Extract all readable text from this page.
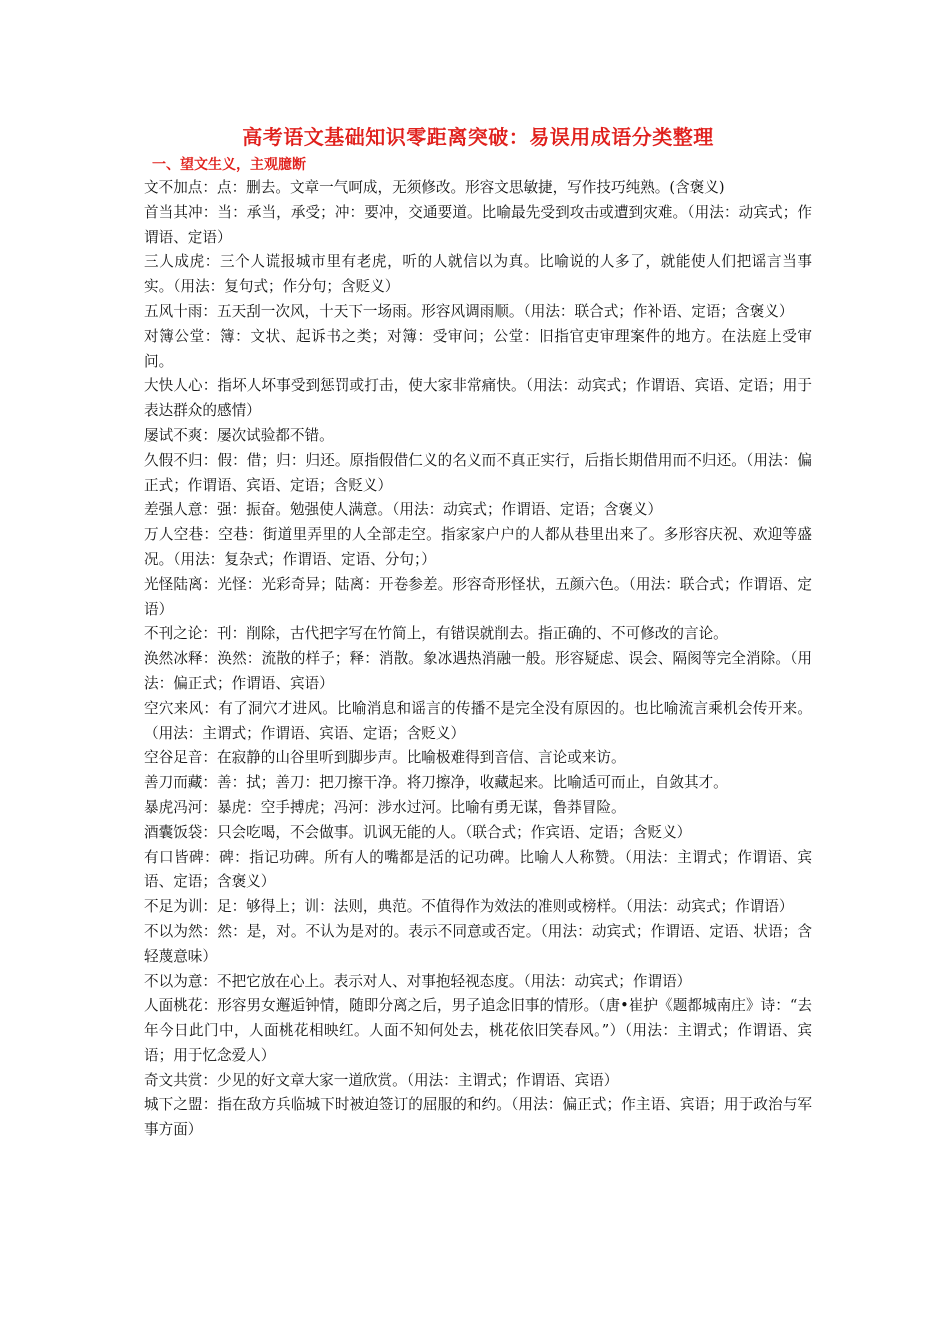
高考语文基础知识零距离突破：易误用成语分类整理
一、望文生义，主观臆断
文不加点：点：删去。文章一气呵成，无须修改。形容文思敏捷，写作技巧纯熟。(含褒义)
首当其冲：当：承当，承受；冲：要冲，交通要道。比喻最先受到攻击或遭到灾难。（用法：动宾式；作谓语、定语）
三人成虎：三个人谎报城市里有老虎，听的人就信以为真。比喻说的人多了，就能使人们把谣言当事实。（用法：复句式；作分句；含贬义）
五风十雨：五天刮一次风，十天下一场雨。形容风调雨顺。（用法：联合式；作补语、定语；含褒义）
对簿公堂：簿：文状、起诉书之类；对簿：受审问；公堂：旧指官吏审理案件的地方。在法庭上受审问。
大快人心：指坏人坏事受到惩罚或打击，使大家非常痛快。（用法：动宾式；作谓语、宾语、定语；用于表达群众的感情）
屡试不爽：屡次试验都不错。
久假不归：假：借；归：归还。原指假借仁义的名义而不真正实行，后指长期借用而不归还。（用法：偏正式；作谓语、宾语、定语；含贬义）
差强人意：强：振奋。勉强使人满意。（用法：动宾式；作谓语、定语；含褒义）
万人空巷：空巷：街道里弄里的人全部走空。指家家户户的人都从巷里出来了。多形容庆祝、欢迎等盛况。（用法：复杂式；作谓语、定语、分句；）
光怪陆离：光怪：光彩奇异；陆离：开卷参差。形容奇形怪状，五颜六色。（用法：联合式；作谓语、定语）
不刊之论：刊：削除，古代把字写在竹简上，有错误就削去。指正确的、不可修改的言论。
涣然冰释：涣然：流散的样子；释：消散。象冰遇热消融一般。形容疑虑、误会、隔阂等完全消除。（用法：偏正式；作谓语、宾语）
空穴来风：有了洞穴才进风。比喻消息和谣言的传播不是完全没有原因的。也比喻流言乘机会传开来。（用法：主谓式；作谓语、宾语、定语；含贬义）
空谷足音：在寂静的山谷里听到脚步声。比喻极难得到音信、言论或来访。
善刀而藏：善：拭；善刀：把刀擦干净。将刀擦净，收藏起来。比喻适可而止，自敛其才。
暴虎冯河：暴虎：空手搏虎；冯河：涉水过河。比喻有勇无谋，鲁莽冒险。
酒囊饭袋：只会吃喝，不会做事。讥讽无能的人。（联合式；作宾语、定语；含贬义）
有口皆碑：碑：指记功碑。所有人的嘴都是活的记功碑。比喻人人称赞。（用法：主谓式；作谓语、宾语、定语；含褒义）
不足为训：足：够得上；训：法则，典范。不值得作为效法的准则或榜样。（用法：动宾式；作谓语）
不以为然：然：是，对。不认为是对的。表示不同意或否定。（用法：动宾式；作谓语、定语、状语；含轻蔑意味）
不以为意：不把它放在心上。表示对人、对事抱轻视态度。（用法：动宾式；作谓语）
人面桃花：形容男女邂逅钟情，随即分离之后，男子追念旧事的情形。（唐•崔护《题都城南庄》诗：“去年今日此门中，人面桃花相映红。人面不知何处去，桃花依旧笑春风。”）（用法：主谓式；作谓语、宾语；用于忆念爱人）
奇文共赏：少见的好文章大家一道欣赏。（用法：主谓式；作谓语、宾语）
城下之盟：指在敌方兵临城下时被迫签订的屈服的和约。（用法：偏正式；作主语、宾语；用于政治与军事方面）
